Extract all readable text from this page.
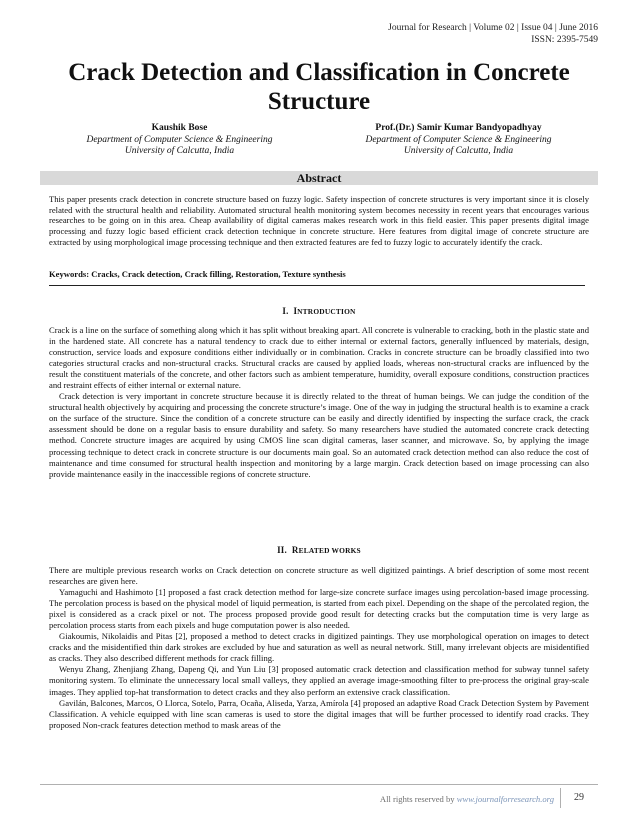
Journal for Research | Volume 02 | Issue 04 | June 2016
ISSN: 2395-7549
Crack Detection and Classification in Concrete Structure
Kaushik Bose
Department of Computer Science & Engineering
University of Calcutta, India
Prof.(Dr.) Samir Kumar Bandyopadhyay
Department of Computer Science & Engineering
University of Calcutta, India
Abstract

This paper presents crack detection in concrete structure based on fuzzy logic. Safety inspection of concrete structures is very important since it is closely related with the structural health and reliability. Automated structural health monitoring system becomes necessity in recent years that encourages various researches to be going on in this area. Cheap availability of digital cameras makes research work in this field easier. This paper presents digital image processing and fuzzy logic based efficient crack detection technique in concrete structure. Here features from digital image of concrete structure are extracted by using morphological image processing technique and then extracted features are fed to fuzzy logic to accurately identify the crack.

Keywords: Cracks, Crack detection, Crack filling, Restoration, Texture synthesis

I. INTRODUCTION

Crack is a line on the surface of something along which it has split without breaking apart. All concrete is vulnerable to cracking, both in the plastic state and in the hardened state. All concrete has a natural tendency to crack due to either internal or external factors, generally influenced by materials, design, construction, service loads and exposure conditions either individually or in combination. Cracks in concrete structure can be broadly classified into two categories structural cracks and non-structural cracks. Structural cracks are caused by applied loads, whereas non-structural cracks are influenced by the result the constituent materials of the concrete, and other factors such as ambient temperature, humidity, overall exposure conditions, construction practices and restraint effects of either internal or external nature.

Crack detection is very important in concrete structure because it is directly related to the threat of human beings. We can judge the condition of the structural health objectively by acquiring and processing the concrete structure’s image. One of the way in judging the structural health is to examine a crack on the surface of the structure. Since the condition of a concrete structure can be easily and directly identified by inspecting the surface crack, the crack assessment should be done on a regular basis to ensure durability and safety. So many researchers have studied the automated concrete crack detecting method. Concrete structure images are acquired by using CMOS line scan digital cameras, laser scanner, and microwave. So, by applying the image processing technique to detect crack in concrete structure is our documents main goal. So an automated crack detection method can also reduce the cost of maintenance and time consumed for structural health inspection and monitoring by a large margin. Crack detection based on image processing can also provide maintenance easily in the inaccessible regions of concrete structure.

II. RELATED WORKS

There are multiple previous research works on Crack detection on concrete structure as well digitized paintings. A brief description of some most recent researches are given here.

Yamaguchi and Hashimoto [1] proposed a fast crack detection method for large-size concrete surface images using percolation-based image processing. The percolation process is based on the physical model of liquid permeation, is started from each pixel. Depending on the shape of the percolated region, the pixel is considered as a crack pixel or not. The process proposed provide good result for detecting cracks but the computation time is very large as percolation process starts from each pixels and huge computation power is also needed.

Giakoumis, Nikolaidis and Pitas [2], proposed a method to detect cracks in digitized paintings. They use morphological operation on images to detect cracks and the misidentified thin dark strokes are excluded by hue and saturation as well as neural network. Still, many irrelevant objects are misidentified as cracks. They also described different methods for crack filling.

Wenyu Zhang, Zhenjiang Zhang, Dapeng Qi, and Yun Liu [3] proposed automatic crack detection and classification method for subway tunnel safety monitoring system. To eliminate the unnecessary local small valleys, they applied an average image-smoothing filter to pre-process the original gray-scale images. They applied top-hat transformation to detect cracks and they also perform an extensive crack classification.

Gavilán, Balcones, Marcos, O Llorca, Sotelo, Parra, Ocaña, Aliseda, Yarza, Amírola [4] proposed an adaptive Road Crack Detection System by Pavement Classification. A vehicle equipped with line scan cameras is used to store the digital images that will be further processed to identify road cracks. They proposed Non-crack features detection method to mask areas of the

All rights reserved by www.journalforresearch.org	29
